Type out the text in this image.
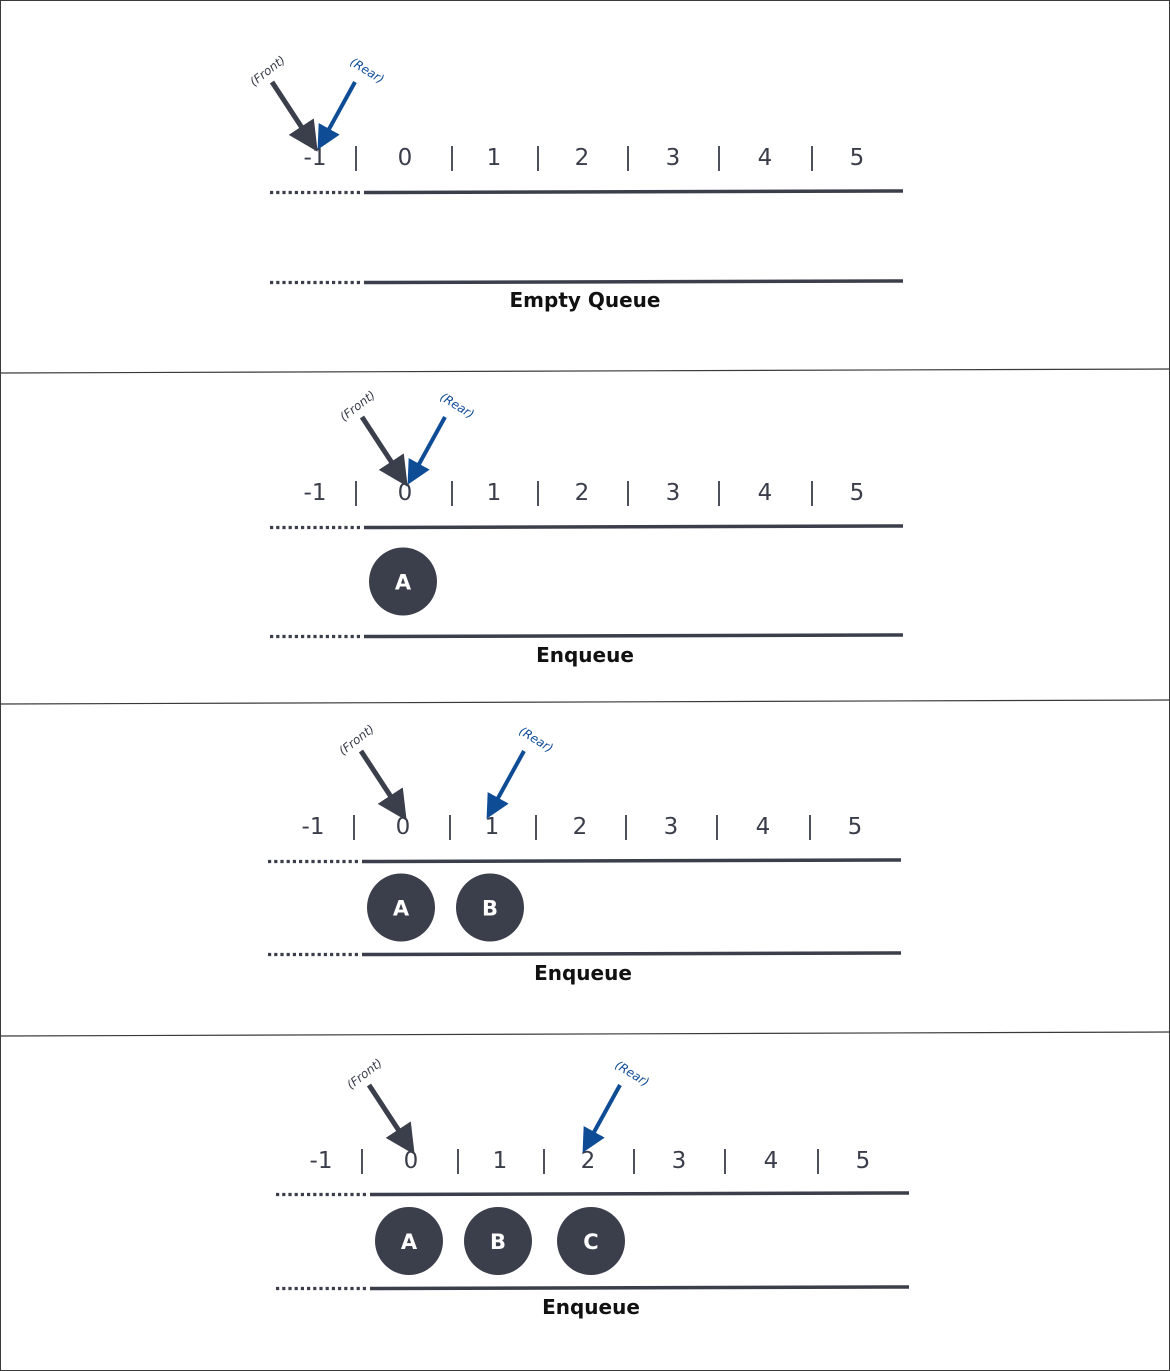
-1	0	1	2	3	4	5
(Front)	(Rear)
Empty Queue
-1	0	1	2	3	4	5
A
(Front)	(Rear)
Enqueue
-1	0	1	2	3	4	5
A	B
(Front)	(Rear)
Enqueue
-1	0	1	2	3	4	5
A	B	C
(Front)	(Rear)
Enqueue
